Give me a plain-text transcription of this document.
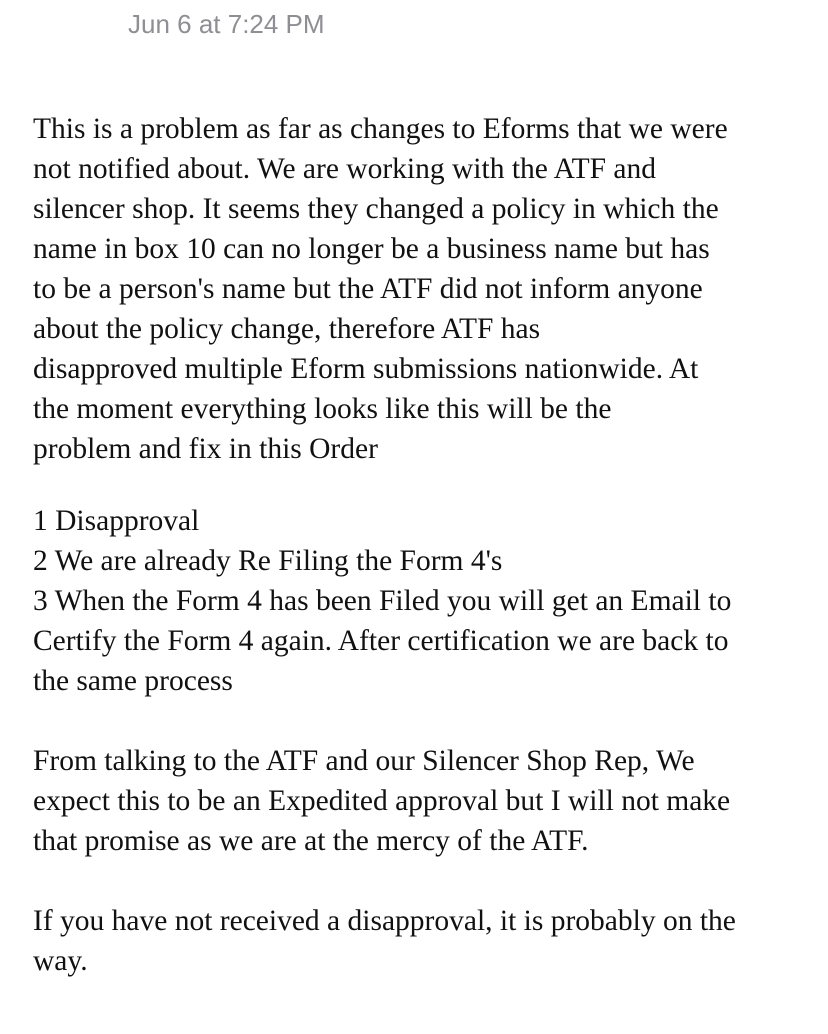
Jun 6 at 7:24 PM
This is a problem as far as changes to Eforms that we were
not notified about. We are working with the ATF and
silencer shop. It seems they changed a policy in which the
name in box 10 can no longer be a business name but has
to be a person's name but the ATF did not inform anyone
about the policy change, therefore ATF has
disapproved multiple Eform submissions nationwide. At
the moment everything looks like this will be the
problem and fix in this Order
1 Disapproval
2 We are already Re Filing the Form 4's
3 When the Form 4 has been Filed you will get an Email to
Certify the Form 4 again. After certification we are back to
the same process
From talking to the ATF and our Silencer Shop Rep, We
expect this to be an Expedited approval but I will not make
that promise as we are at the mercy of the ATF.
If you have not received a disapproval, it is probably on the
way.
